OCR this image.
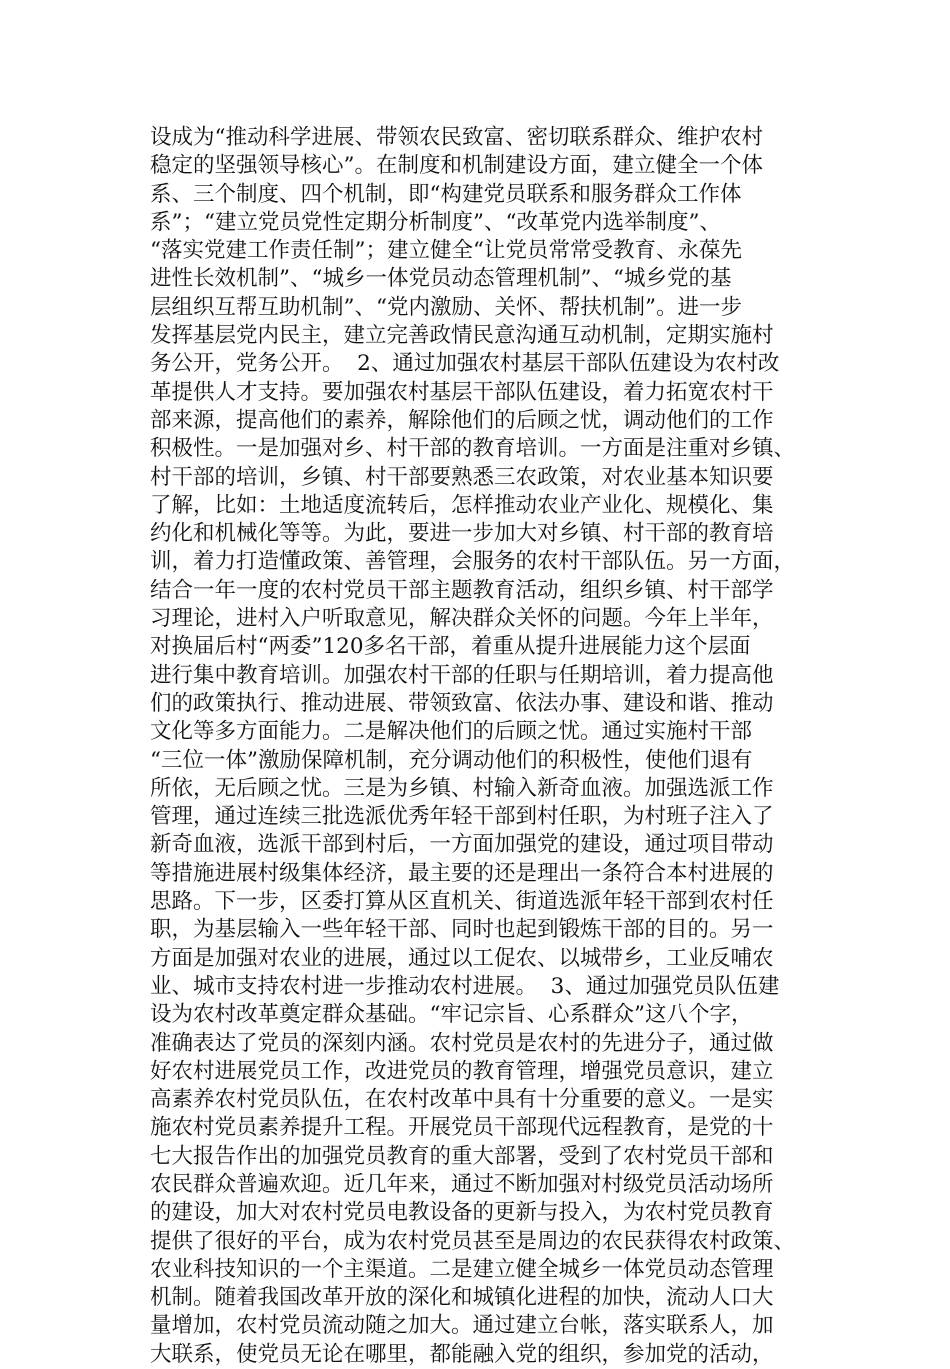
设成为“推动科学进展、带领农民致富、密切联系群众、维护农村
稳定的坚强领导核心”。在制度和机制建设方面，建立健全一个体
系、三个制度、四个机制，即“构建党员联系和服务群众工作体
系”；“建立党员党性定期分析制度”、“改革党内选举制度”、
“落实党建工作责任制”；建立健全“让党员常常受教育、永葆先
进性长效机制”、“城乡一体党员动态管理机制”、“城乡党的基
层组织互帮互助机制”、“党内激励、关怀、帮扶机制”。进一步
发挥基层党内民主，建立完善政情民意沟通互动机制，定期实施村
务公开，党务公开。  2、通过加强农村基层干部队伍建设为农村改
革提供人才支持。要加强农村基层干部队伍建设，着力拓宽农村干
部来源，提高他们的素养，解除他们的后顾之忧，调动他们的工作
积极性。一是加强对乡、村干部的教育培训。一方面是注重对乡镇、
村干部的培训，乡镇、村干部要熟悉三农政策，对农业基本知识要
了解，比如：土地适度流转后，怎样推动农业产业化、规模化、集
约化和机械化等等。为此，要进一步加大对乡镇、村干部的教育培
训，着力打造懂政策、善管理，会服务的农村干部队伍。另一方面，
结合一年一度的农村党员干部主题教育活动，组织乡镇、村干部学
习理论，进村入户听取意见，解决群众关怀的问题。今年上半年，
对换届后村“两委”120多名干部，着重从提升进展能力这个层面
进行集中教育培训。加强农村干部的任职与任期培训，着力提高他
们的政策执行、推动进展、带领致富、依法办事、建设和谐、推动
文化等多方面能力。二是解决他们的后顾之忧。通过实施村干部
“三位一体”激励保障机制，充分调动他们的积极性，使他们退有
所依，无后顾之忧。三是为乡镇、村输入新奇血液。加强选派工作
管理，通过连续三批选派优秀年轻干部到村任职，为村班子注入了
新奇血液，选派干部到村后，一方面加强党的建设，通过项目带动
等措施进展村级集体经济，最主要的还是理出一条符合本村进展的
思路。下一步，区委打算从区直机关、街道选派年轻干部到农村任
职，为基层输入一些年轻干部、同时也起到锻炼干部的目的。另一
方面是加强对农业的进展，通过以工促农、以城带乡，工业反哺农
业、城市支持农村进一步推动农村进展。  3、通过加强党员队伍建
设为农村改革奠定群众基础。“牢记宗旨、心系群众”这八个字，
准确表达了党员的深刻内涵。农村党员是农村的先进分子，通过做
好农村进展党员工作，改进党员的教育管理，增强党员意识，建立
高素养农村党员队伍，在农村改革中具有十分重要的意义。一是实
施农村党员素养提升工程。开展党员干部现代远程教育，是党的十
七大报告作出的加强党员教育的重大部署，受到了农村党员干部和
农民群众普遍欢迎。近几年来，通过不断加强对村级党员活动场所
的建设，加大对农村党员电教设备的更新与投入，为农村党员教育
提供了很好的平台，成为农村党员甚至是周边的农民获得农村政策、
农业科技知识的一个主渠道。二是建立健全城乡一体党员动态管理
机制。随着我国改革开放的深化和城镇化进程的加快，流动人口大
量增加，农村党员流动随之加大。通过建立台帐，落实联系人，加
大联系，使党员无论在哪里，都能融入党的组织，参加党的活动，
